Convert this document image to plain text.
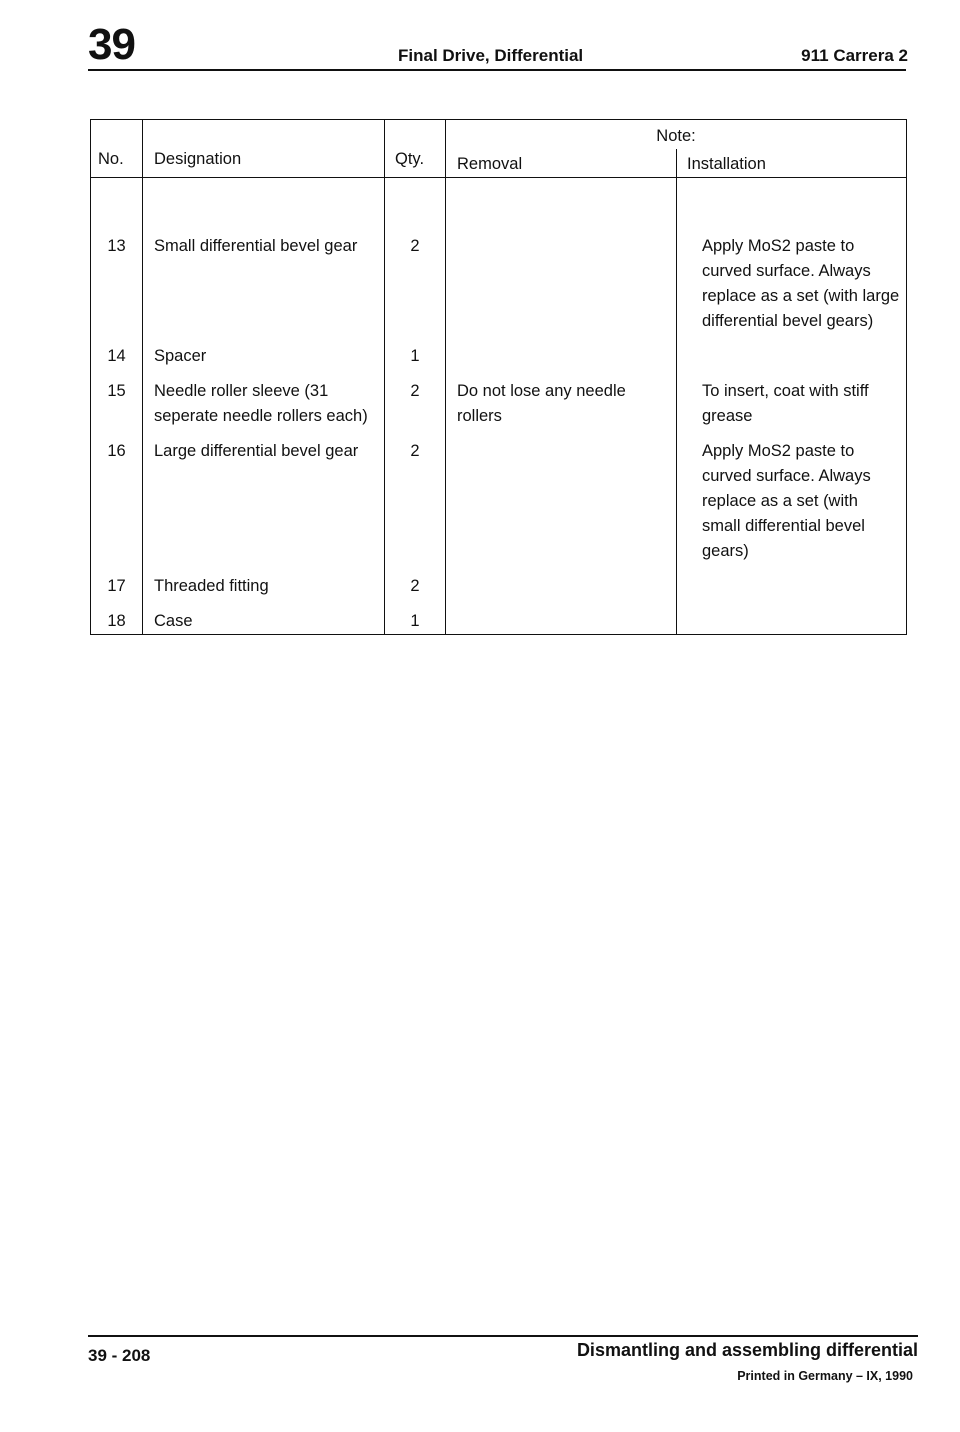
39	Final Drive, Differential	911 Carrera 2
No.	Designation	Qty.	Note:	
			Removal	Installation

13	Small differential bevel gear	2		Apply MoS2 paste to curved surface. Always replace as a set (with large differential bevel gears)
14	Spacer	1		
15	Needle roller sleeve (31 seperate needle rollers each)	2	Do not lose any needle rollers	To insert, coat with stiff grease
16	Large differential bevel gear	2		Apply MoS2 paste to curved surface. Always replace as a set (with small differential bevel gears)
17	Threaded fitting	2		
18	Case	1		
39 - 208	Dismantling and assembling differential
Printed in Germany – IX, 1990
